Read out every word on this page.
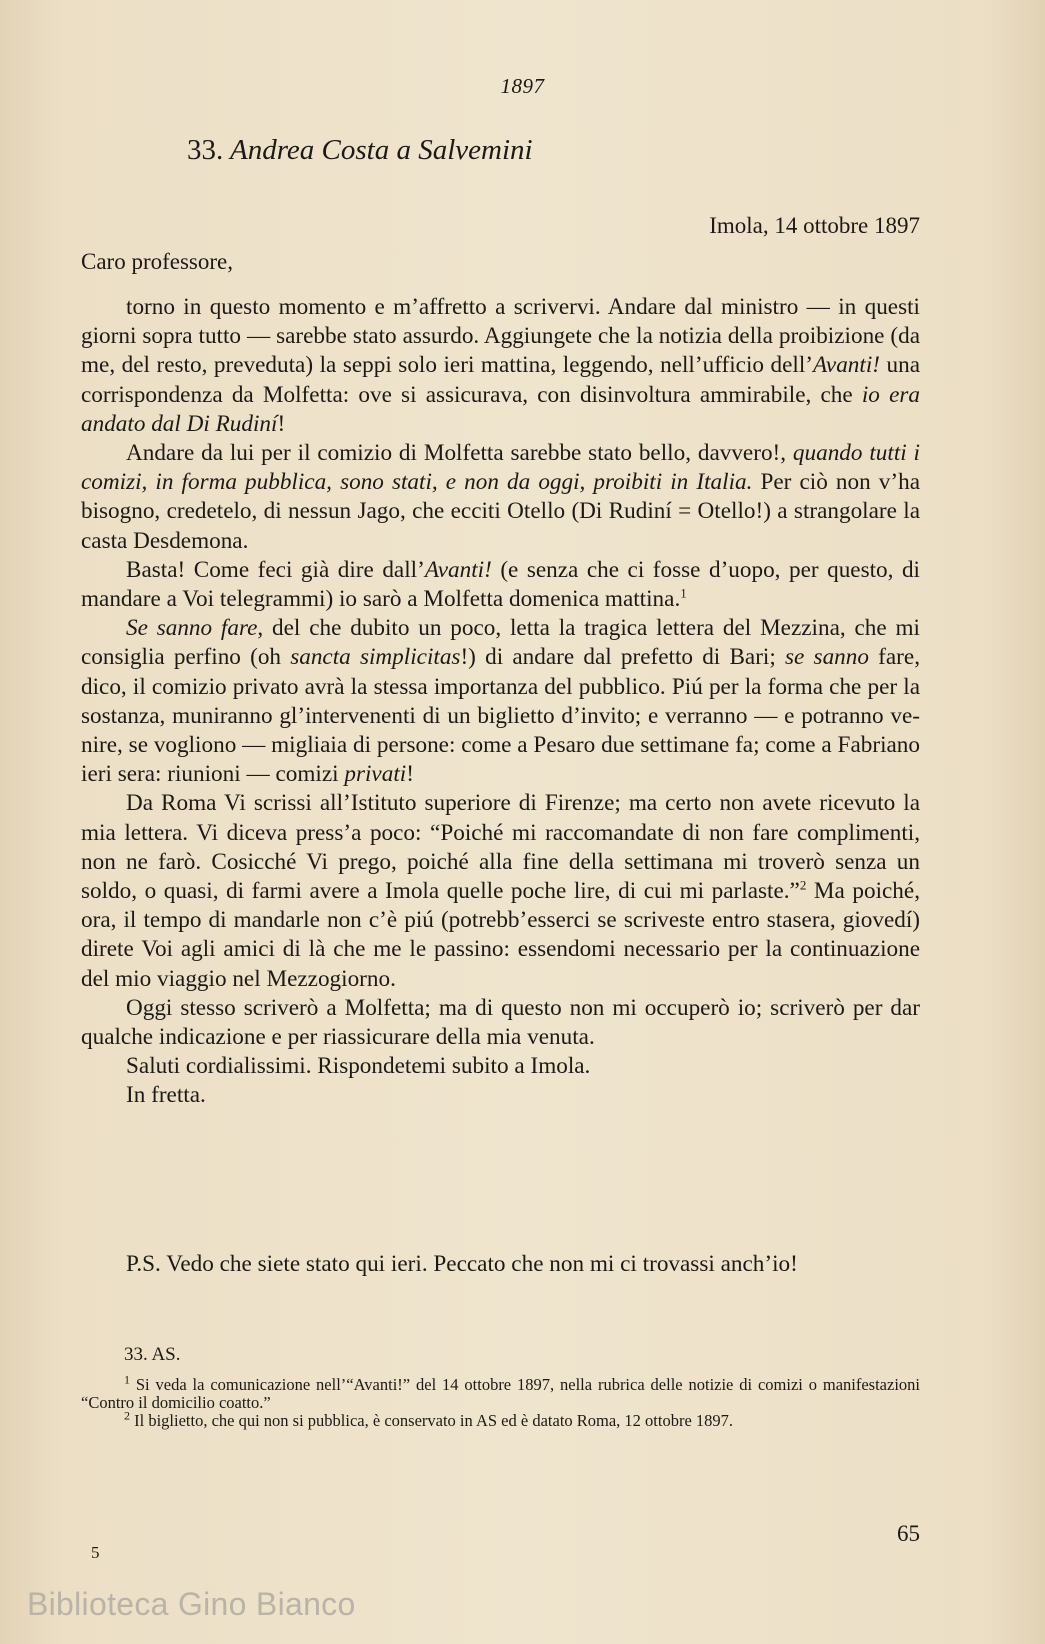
1897
33. Andrea Costa a Salvemini
Imola, 14 ottobre 1897
Caro professore,

torno in questo momento e m’affretto a scrivervi. Andare dal ministro — in questi giorni sopra tutto — sarebbe stato assurdo. Aggiungete che la notizia della proibizione (da me, del resto, preveduta) la seppi solo ieri mattina, leggendo, nell’ufficio dell’Avanti! una corrispondenza da Molfetta: ove si assicurava, con disinvoltura ammirabile, che io era andato dal Di Rudiní!

Andare da lui per il comizio di Molfetta sarebbe stato bello, davvero!, quando tutti i comizi, in forma pubblica, sono stati, e non da oggi, proibiti in Italia. Per ciò non v’ha bisogno, credetelo, di nessun Jago, che ecciti Otello (Di Rudiní = Otello!) a strangolare la casta Desdemona.

Basta! Come feci già dire dall’Avanti! (e senza che ci fosse d’uopo, per questo, di mandare a Voi telegrammi) io sarò a Molfetta domenica mattina.$^1$

Se sanno fare, del che dubito un poco, letta la tragica lettera del Mezzina, che mi consiglia perfino (oh sancta simplicitas!) di andare dal prefetto di Bari; se sanno fare, dico, il comizio privato avrà la stessa importanza del pubblico. Piú per la forma che per la sostanza, muniranno gl’intervenenti di un biglietto d’invito; e verranno — e potranno venire, se vogliono — migliaia di persone: come a Pesaro due settimane fa; come a Fabriano ieri sera: riunioni — comizi privati!

Da Roma Vi scrissi all’Istituto superiore di Firenze; ma certo non avete ricevuto la mia lettera. Vi diceva press’a poco: “Poiché mi raccomandate di non fare complimenti, non ne farò. Cosicché Vi prego, poiché alla fine della settimana mi troverò senza un soldo, o quasi, di farmi avere a Imola quelle poche lire, di cui mi parlaste.”$^2$ Ma poiché, ora, il tempo di mandarle non c’è piú (potrebb’esserci se scriveste entro stasera, giovedí) direte Voi agli amici di là che me le passino: essendomi necessario per la continuazione del mio viaggio nel Mezzogiorno.

Oggi stesso scriverò a Molfetta; ma di questo non mi occuperò io; scriverò per dar qualche indicazione e per riassicurare della mia venuta.

Saluti cordialissimi. Rispondetemi subito a Imola.

In fretta.

P.S. Vedo che siete stato qui ieri. Peccato che non mi ci trovassi anch’io!

33. AS.

$^1$ Si veda la comunicazione nell’“Avanti!” del 14 ottobre 1897, nella rubrica delle notizie di comizi o manifestazioni “Contro il domicilio coatto.”

$^2$ Il biglietto, che qui non si pubblica, è conservato in AS ed è datato Roma, 12 ottobre 1897.

65
5
Biblioteca Gino Bianco
